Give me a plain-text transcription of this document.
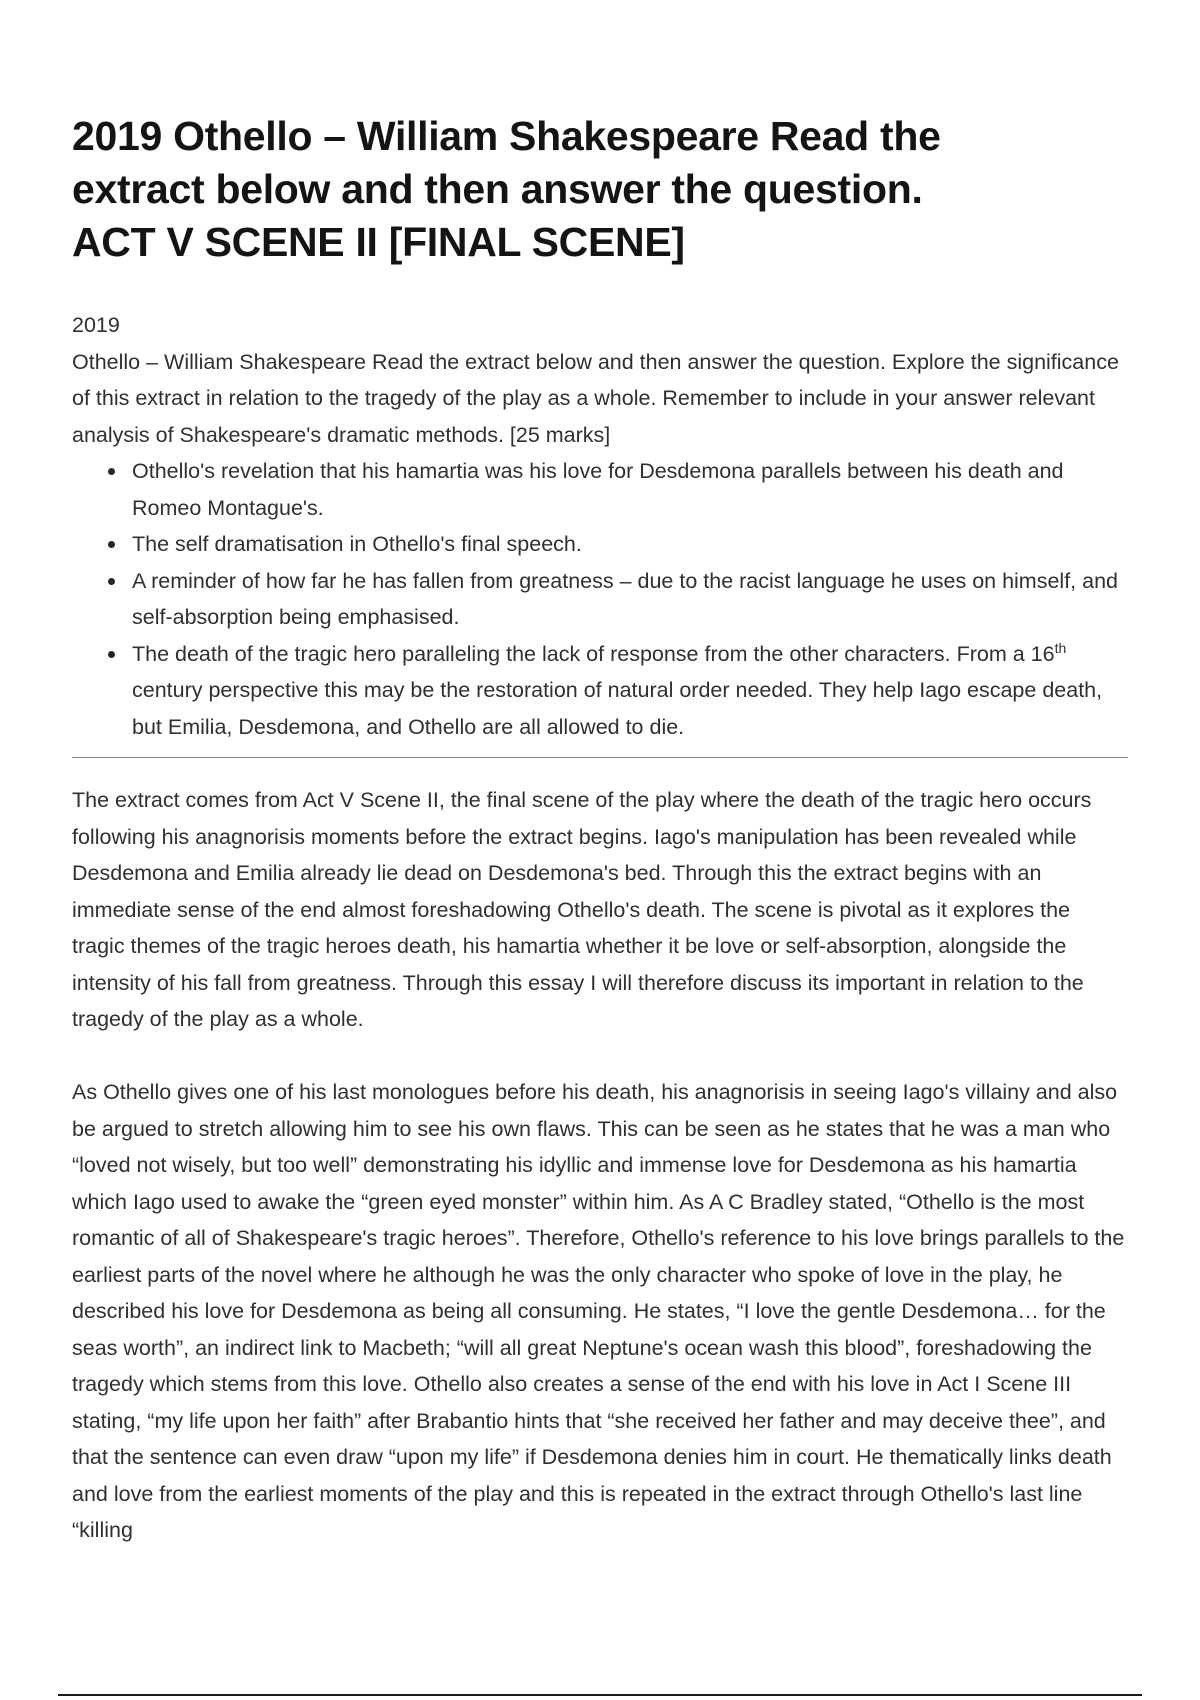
2019 Othello – William Shakespeare Read the
extract below and then answer the question.
ACT V SCENE II [FINAL SCENE]

2019

Othello – William Shakespeare Read the extract below and then answer the question. Explore the significance of this extract in relation to the tragedy of the play as a whole. Remember to include in your answer relevant analysis of Shakespeare's dramatic methods. [25 marks]

Othello's revelation that his hamartia was his love for Desdemona parallels between his death and Romeo Montague's.
The self dramatisation in Othello's final speech.
A reminder of how far he has fallen from greatness – due to the racist language he uses on himself, and self-absorption being emphasised.
The death of the tragic hero paralleling the lack of response from the other characters. From a 16th century perspective this may be the restoration of natural order needed. They help Iago escape death, but Emilia, Desdemona, and Othello are all allowed to die.

The extract comes from Act V Scene II, the final scene of the play where the death of the tragic hero occurs following his anagnorisis moments before the extract begins. Iago's manipulation has been revealed while Desdemona and Emilia already lie dead on Desdemona's bed. Through this the extract begins with an immediate sense of the end almost foreshadowing Othello's death. The scene is pivotal as it explores the tragic themes of the tragic heroes death, his hamartia whether it be love or self-absorption, alongside the intensity of his fall from greatness. Through this essay I will therefore discuss its important in relation to the tragedy of the play as a whole.

As Othello gives one of his last monologues before his death, his anagnorisis in seeing Iago's villainy and also be argued to stretch allowing him to see his own flaws. This can be seen as he states that he was a man who “loved not wisely, but too well” demonstrating his idyllic and immense love for Desdemona as his hamartia which Iago used to awake the “green eyed monster” within him. As A C Bradley stated, “Othello is the most romantic of all of Shakespeare's tragic heroes”. Therefore, Othello's reference to his love brings parallels to the earliest parts of the novel where he although he was the only character who spoke of love in the play, he described his love for Desdemona as being all consuming. He states, “I love the gentle Desdemona… for the seas worth”, an indirect link to Macbeth; “will all great Neptune's ocean wash this blood”, foreshadowing the tragedy which stems from this love. Othello also creates a sense of the end with his love in Act I Scene III stating, “my life upon her faith” after Brabantio hints that “she received her father and may deceive thee”, and that the sentence can even draw “upon my life” if Desdemona denies him in court. He thematically links death and love from the earliest moments of the play and this is repeated in the extract through Othello's last line “killing
